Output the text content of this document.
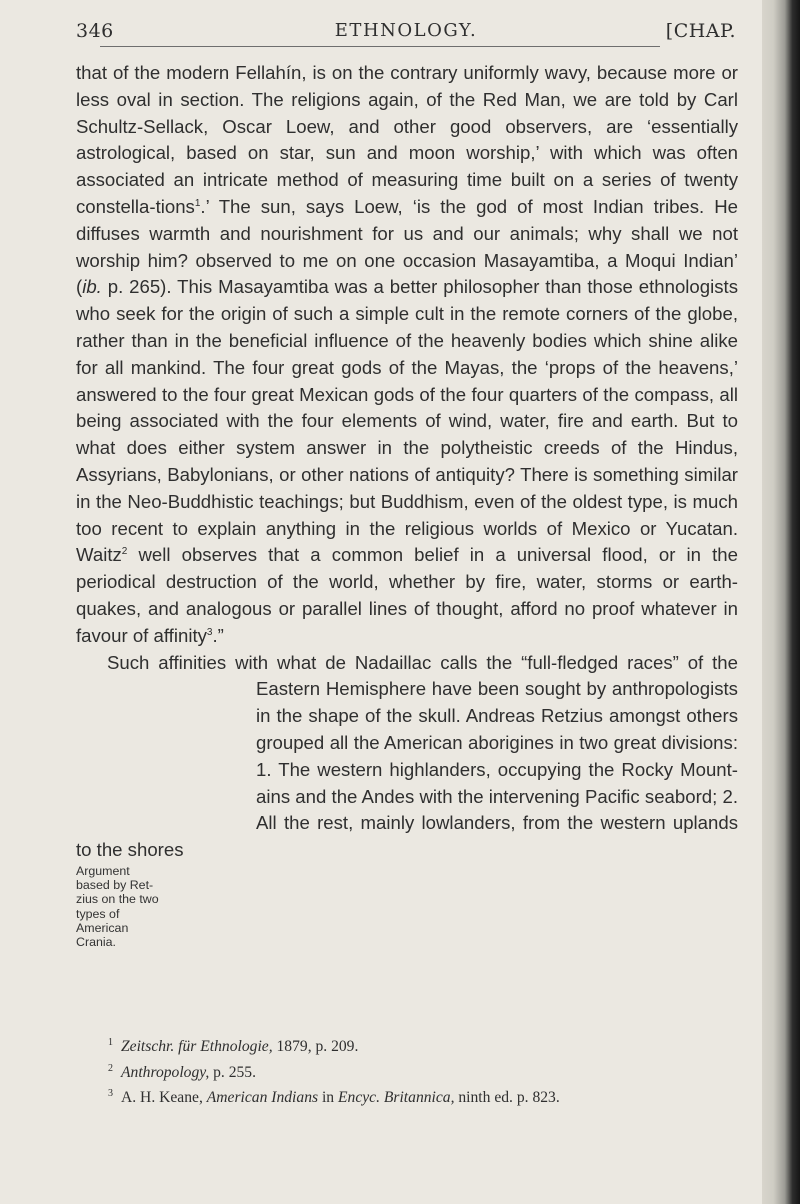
346	ETHNOLOGY.	[CHAP.

that of the modern Fellahín, is on the contrary uniformly wavy, because more or less oval in section. The religions again, of the Red Man, we are told by Carl Schultz-Sellack, Oscar Loew, and other good observers, are ‘essentially astrological, based on star, sun and moon worship,’ with which was often associated an intricate method of measuring time built on a series of twenty constella-tions$^1$.’ The sun, says Loew, ‘is the god of most Indian tribes. He diffuses warmth and nourishment for us and our animals; why shall we not worship him? observed to me on one occasion Masayamtiba, a Moqui Indian’ (ib. p. 265). This Masayamtiba was a better philosopher than those ethnologists who seek for the origin of such a simple cult in the remote corners of the globe, rather than in the beneficial influence of the heavenly bodies which shine alike for all mankind. The four great gods of the Mayas, the ‘props of the heavens,’ answered to the four great Mexican gods of the four quarters of the compass, all being associated with the four elements of wind, water, fire and earth. But to what does either system answer in the polytheistic creeds of the Hindus, Assyrians, Babylonians, or other nations of antiquity? There is something similar in the Neo-Buddhistic teachings; but Buddhism, even of the oldest type, is much too recent to explain anything in the religious worlds of Mexico or Yucatan. Waitz$^2$ well observes that a common belief in a universal flood, or in the periodical destruction of the world, whether by fire, water, storms or earth-quakes, and analogous or parallel lines of thought, afford no proof whatever in favour of affinity$^3$.”

Such affinities with what de Nadaillac calls the “full-fledged races” of the Eastern Hemisphere have been sought
by anthropologists in the shape of the skull. Andreas Retzius amongst others grouped all the American aborigines in two great divisions: 1. The western highlanders, occupying the Rocky Mount-ains and the Andes with the intervening Pacific seabord; 2. All the rest, mainly lowlanders, from the western uplands to the shores

Argument
based by Ret-
zius on the two
types of
American
Crania.
$^1$ Zeitschr. für Ethnologie, 1879, p. 209.
$^2$ Anthropology, p. 255.
$^3$ A. H. Keane, American Indians in Encyc. Britannica, ninth ed. p. 823.
